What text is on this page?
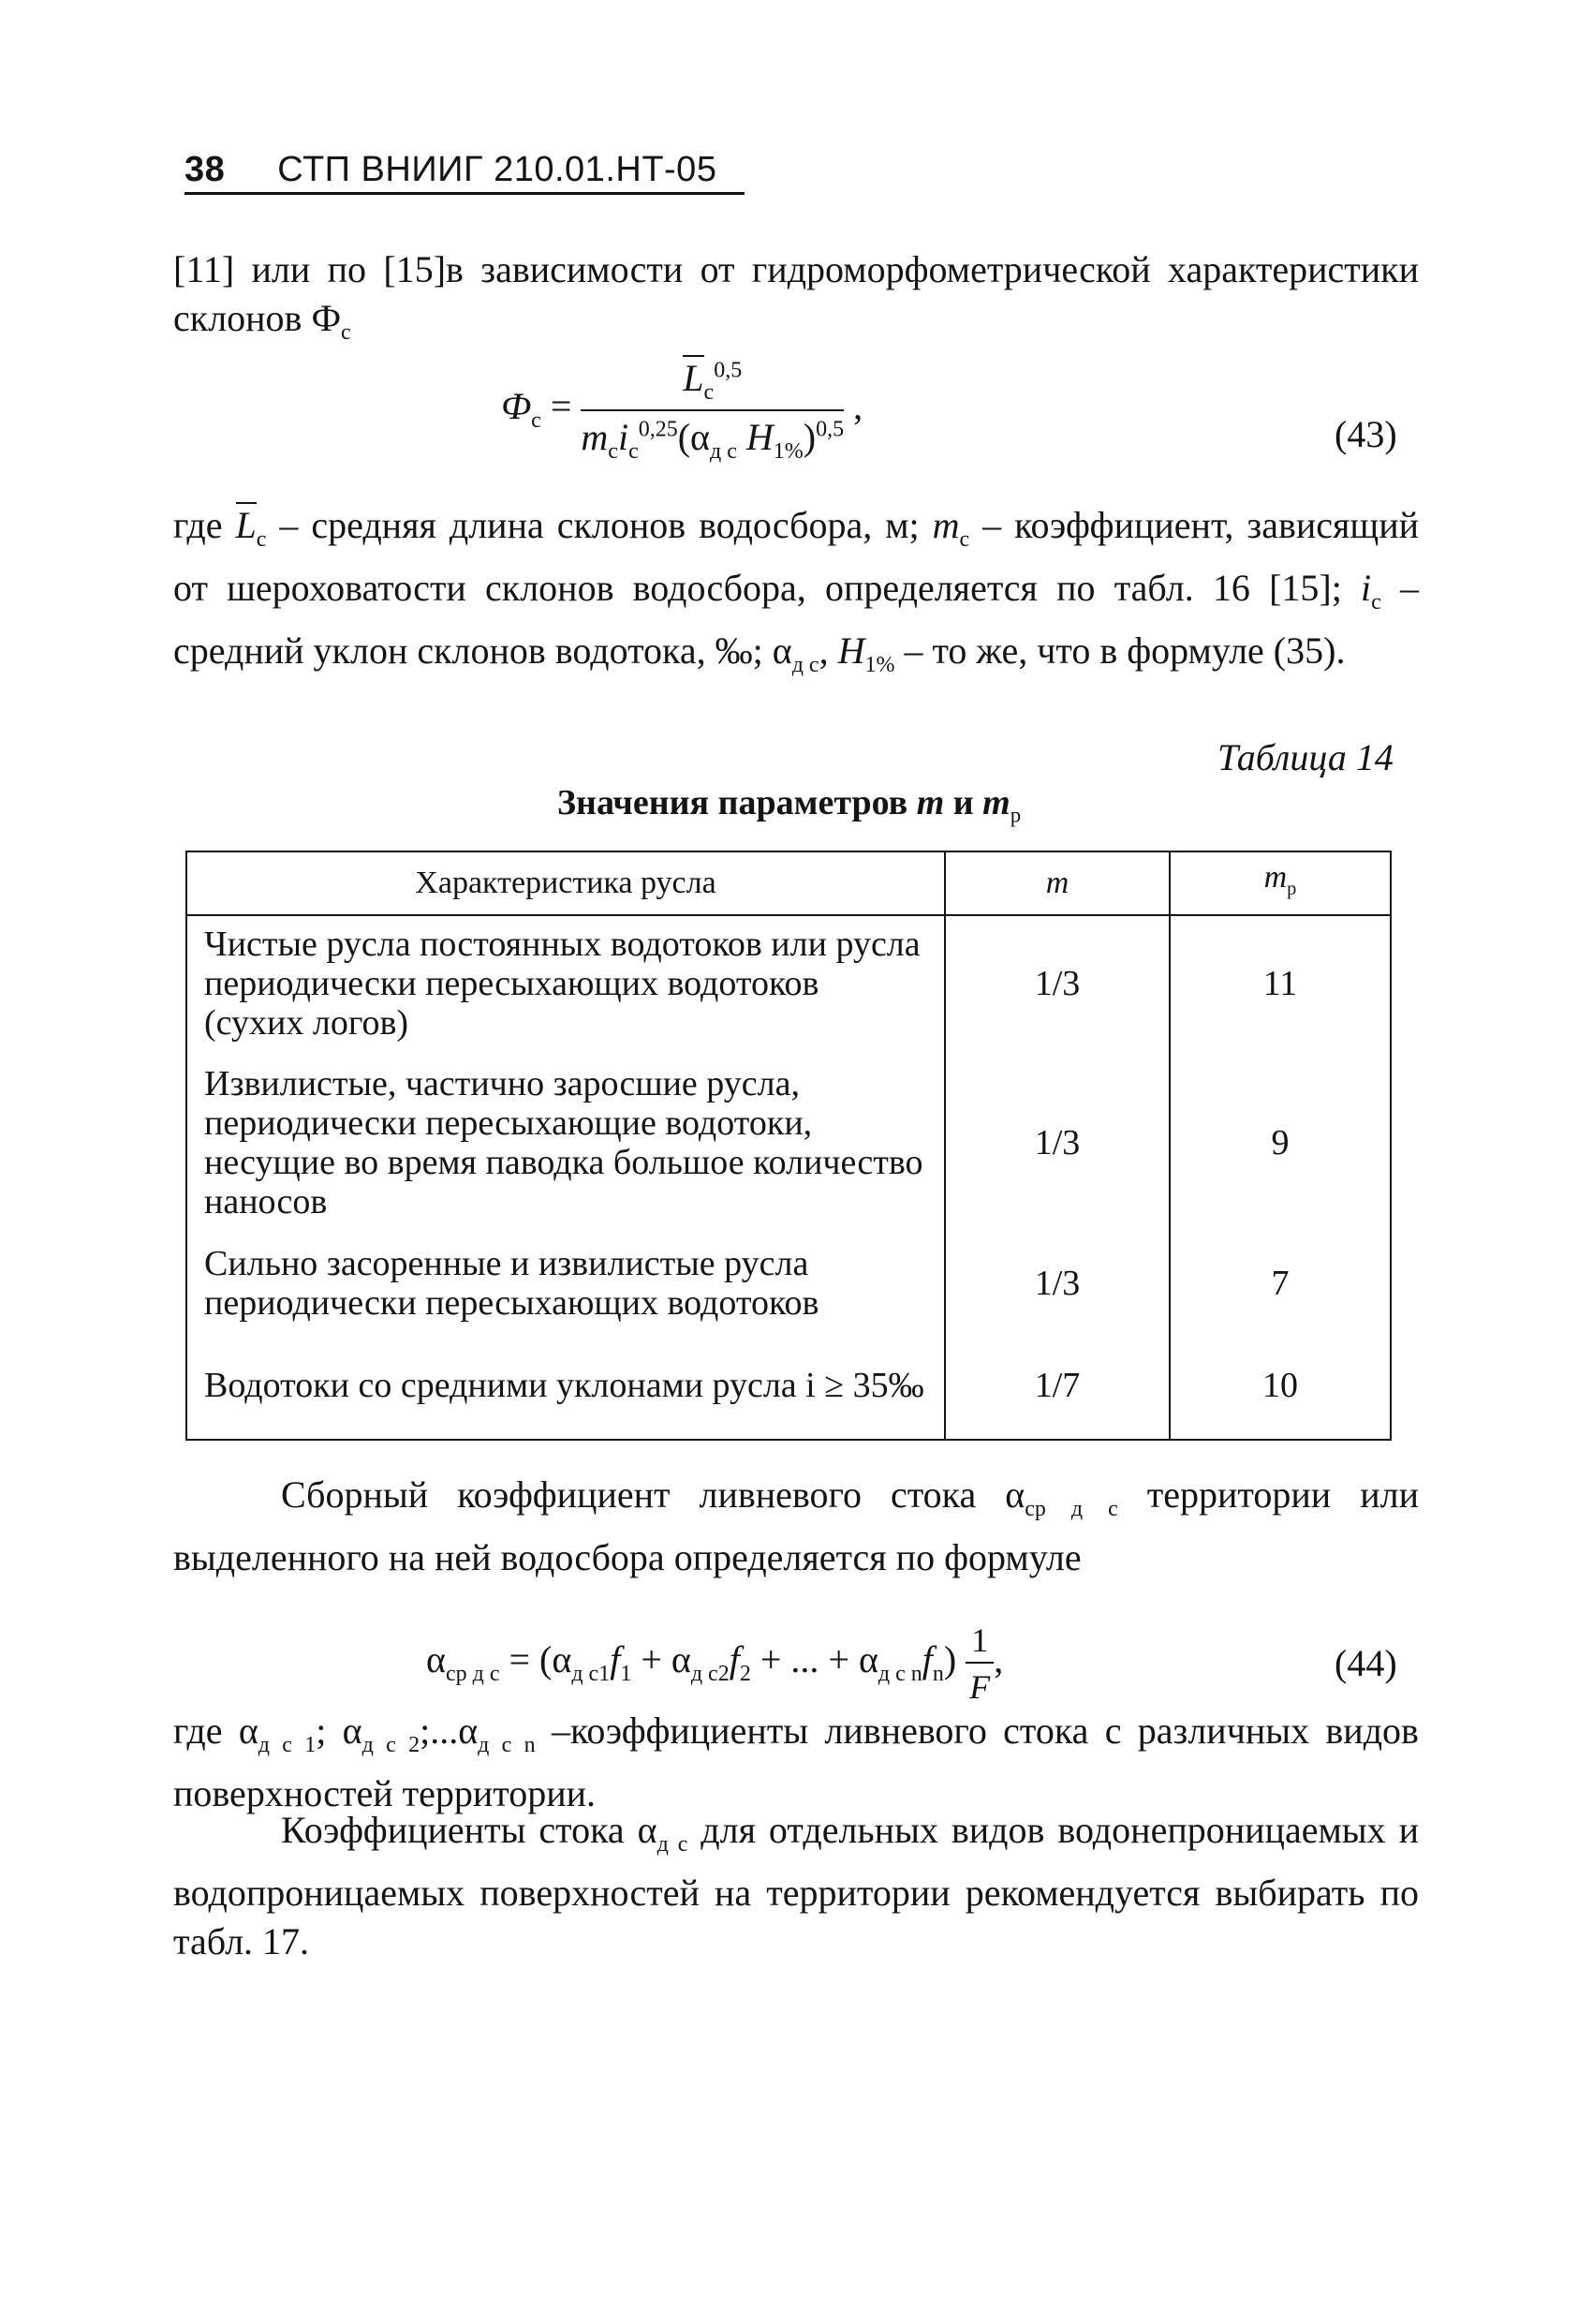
38 СТП ВНИИГ 210.01.НТ-05
[11] или по [15]в зависимости от гидроморфометрической характеристики склонов $Ф_с$
$Ф_с = \frac{L_с^{0,5}}{m_сi_с^{0,25}(\alpha_{д с} H_{1\%})^{0,5}}$ ,
(43)
где $L_с$ – средняя длина склонов водосбора, м; $m_с$ – коэффициент, зависящий от шероховатости склонов водосбора, определяется по табл. 16 [15]; $i_с$ – средний уклон склонов водотока, ‰; $\alpha_{д с}$, $H_{1\%}$ – то же, что в формуле (35).
Таблица 14
Значения параметров m и $m_р$
Характеристика русла	m	$m_р$
Чистые русла постоянных водотоков или русла периодически пересыхающих водотоков (сухих логов)	1/3	11
Извилистые, частично заросшие русла, периодически пересыхающие водотоки, несущие во время паводка большое количество наносов	1/3	9
Сильно засоренные и извилистые русла периодически пересыхающих водотоков	1/3	7
Водотоки со средними уклонами русла i ≥ 35‰	1/7	10
Сборный коэффициент ливневого стока $\alpha_{ср д с}$ территории или выделенного на ней водосбора определяется по формуле
$\alpha_{ср д с} = (\alpha_{д с1}f_1 + \alpha_{д с2}f_2$ + ... + $\alpha_{д с n}f_n) \frac{1}{F}$ ,	(44)
где $\alpha_{д с 1}$; $\alpha_{д с 2};...\alpha_{д с n}$ –коэффициенты ливневого стока с различных видов поверхностей территории.
Коэффициенты стока $\alpha_{д с}$ для отдельных видов водонепроницаемых и водопроницаемых поверхностей на территории рекомендуется выбирать по табл. 17.
